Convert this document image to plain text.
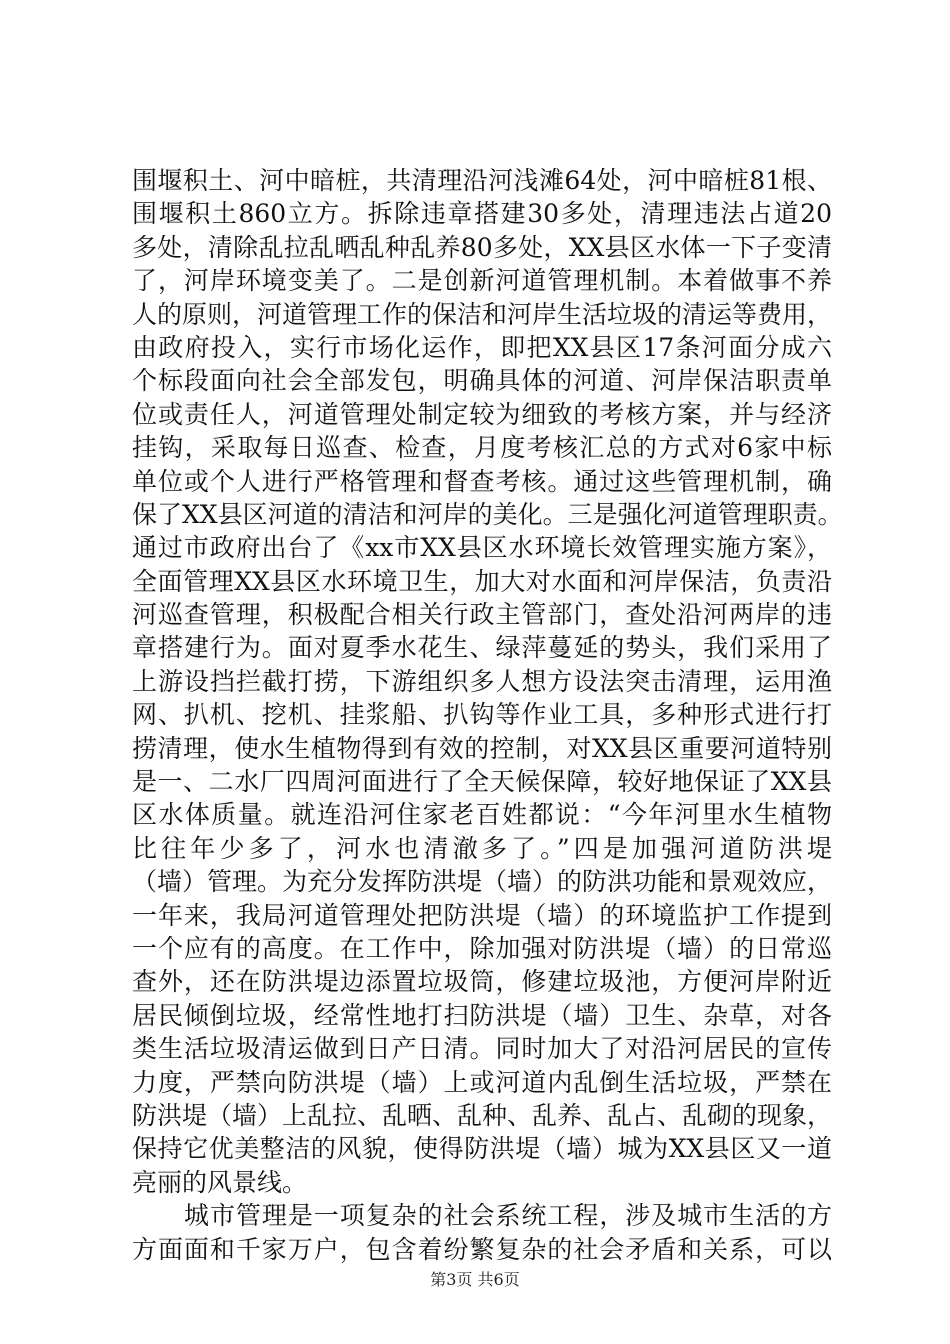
围堰积土、河中暗桩，共清理沿河浅滩64处，河中暗桩81根、
围堰积土860立方。拆除违章搭建30多处，清理违法占道20
多处，清除乱拉乱晒乱种乱养80多处，XX县区水体一下子变清
了，河岸环境变美了。二是创新河道管理机制。本着做事不养
人的原则，河道管理工作的保洁和河岸生活垃圾的清运等费用，
由政府投入，实行市场化运作，即把XX县区17条河面分成六
个标段面向社会全部发包，明确具体的河道、河岸保洁职责单
位或责任人，河道管理处制定较为细致的考核方案，并与经济
挂钩，采取每日巡查、检查，月度考核汇总的方式对6家中标
单位或个人进行严格管理和督查考核。通过这些管理机制，确
保了XX县区河道的清洁和河岸的美化。三是强化河道管理职责。
通过市政府出台了《xx市XX县区水环境长效管理实施方案》，
全面管理XX县区水环境卫生，加大对水面和河岸保洁，负责沿
河巡查管理，积极配合相关行政主管部门，查处沿河两岸的违
章搭建行为。面对夏季水花生、绿萍蔓延的势头，我们采用了
上游设挡拦截打捞，下游组织多人想方设法突击清理，运用渔
网、扒机、挖机、挂浆船、扒钩等作业工具，多种形式进行打
捞清理，使水生植物得到有效的控制，对XX县区重要河道特别
是一、二水厂四周河面进行了全天候保障，较好地保证了XX县
区水体质量。就连沿河住家老百姓都说：“今年河里水生植物
比往年少多了，河水也清澈多了。”四是加强河道防洪堤
（墙）管理。为充分发挥防洪堤（墙）的防洪功能和景观效应，
一年来，我局河道管理处把防洪堤（墙）的环境监护工作提到
一个应有的高度。在工作中，除加强对防洪堤（墙）的日常巡
查外，还在防洪堤边添置垃圾筒，修建垃圾池，方便河岸附近
居民倾倒垃圾，经常性地打扫防洪堤（墙）卫生、杂草，对各
类生活垃圾清运做到日产日清。同时加大了对沿河居民的宣传
力度，严禁向防洪堤（墙）上或河道内乱倒生活垃圾，严禁在
防洪堤（墙）上乱拉、乱晒、乱种、乱养、乱占、乱砌的现象，
保持它优美整洁的风貌，使得防洪堤（墙）城为XX县区又一道
亮丽的风景线。
城市管理是一项复杂的社会系统工程，涉及城市生活的方
方面面和千家万户，包含着纷繁复杂的社会矛盾和关系，可以
第3页 共6页
